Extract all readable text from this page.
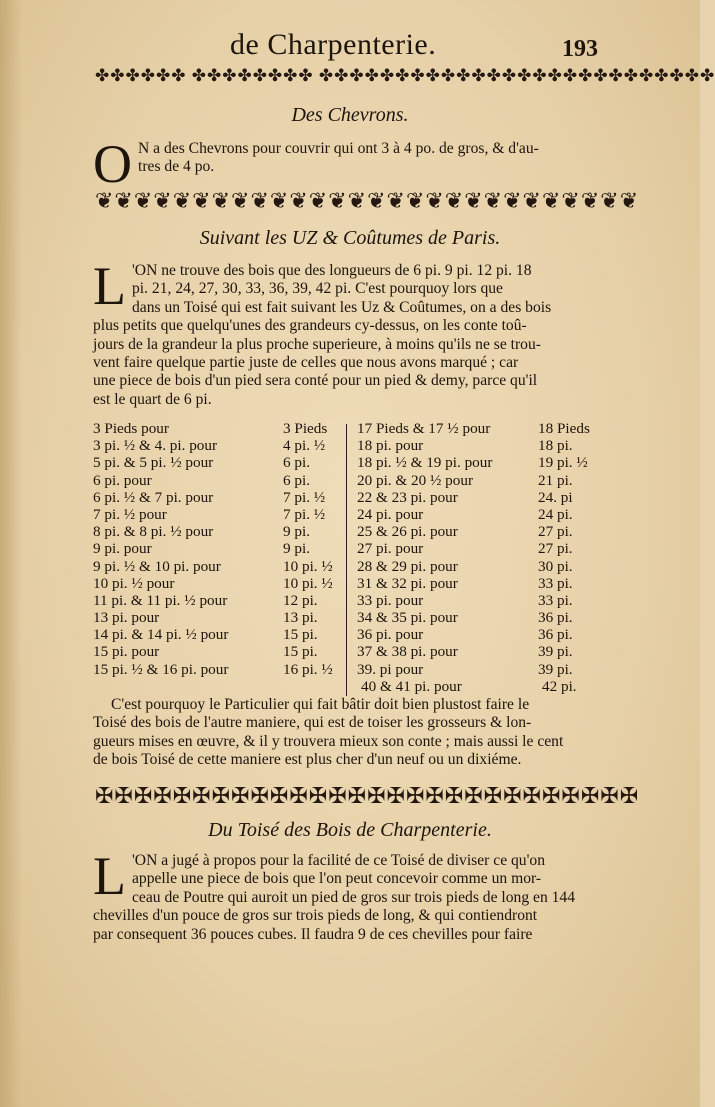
de Charpenterie.	193
✤✤✤✤✤✤ ✤✤✤✤✤✤✤✤ ✤✤✤✤✤✤✤✤✤✤✤✤✤✤✤✤✤✤✤✤✤✤✤✤✤✤
Des Chevrons.
O N a des Chevrons pour couvrir qui ont 3 à 4 po. de gros, & d'au-
tres de 4 po.
❦❦❦❦❦❦❦❦❦❦❦❦❦❦❦❦❦❦❦❦❦❦❦❦❦❦❦❦
Suivant les UZ & Coûtumes de Paris.
L 'ON ne trouve des bois que des longueurs de 6 pi. 9 pi. 12 pi. 18
pi. 21, 24, 27, 30, 33, 36, 39, 42 pi. C'est pourquoy lors que
dans un Toisé qui est fait suivant les Uz & Coûtumes, on a des bois
plus petits que quelqu'unes des grandeurs cy-dessus, on les conte toû-
jours de la grandeur la plus proche superieure, à moins qu'ils ne se trou-
vent faire quelque partie juste de celles que nous avons marqué ; car
une piece de bois d'un pied sera conté pour un pied & demy, parce qu'il
est le quart de 6 pi.
3 Pieds pour
3 pi. ½ & 4. pi. pour
5 pi. & 5 pi. ½ pour
6 pi. pour
6 pi. ½ & 7 pi. pour
7 pi. ½ pour
8 pi. & 8 pi. ½ pour
9 pi. pour
9 pi. ½ & 10 pi. pour
10 pi. ½ pour
11 pi. & 11 pi. ½ pour
13 pi. pour
14 pi. & 14 pi. ½ pour
15 pi. pour
15 pi. ½ & 16 pi. pour
3 Pieds
4 pi. ½
6 pi.
6 pi.
7 pi. ½
7 pi. ½
9 pi.
9 pi.
10 pi. ½
10 pi. ½
12 pi.
13 pi.
15 pi.
15 pi.
16 pi. ½
17 Pieds & 17 ½ pour
18 pi. pour
18 pi. ½ & 19 pi. pour
20 pi. & 20 ½ pour
22 & 23 pi. pour
24 pi. pour
25 & 26 pi. pour
27 pi. pour
28 & 29 pi. pour
31 & 32 pi. pour
33 pi. pour
34 & 35 pi. pour
36 pi. pour
37 & 38 pi. pour
39. pi pour
18 Pieds
18 pi.
19 pi. ½
21 pi.
24. pi
24 pi.
27 pi.
27 pi.
30 pi.
33 pi.
33 pi.
36 pi.
36 pi.
39 pi.
39 pi.
40 & 41 pi. pour	42 pi.
C'est pourquoy le Particulier qui fait bâtir doit bien plustost faire le
Toisé des bois de l'autre maniere, qui est de toiser les grosseurs & lon-
gueurs mises en œuvre, & il y trouvera mieux son conte ; mais aussi le cent
de bois Toisé de cette maniere est plus cher d'un neuf ou un dixiéme.
✠✠✠✠✠✠✠✠✠✠✠✠✠✠✠✠✠✠✠✠✠✠✠✠✠✠✠✠
Du Toisé des Bois de Charpenterie.
L 'ON a jugé à propos pour la facilité de ce Toisé de diviser ce qu'on
appelle une piece de bois que l'on peut concevoir comme un mor-
ceau de Poutre qui auroit un pied de gros sur trois pieds de long en 144
chevilles d'un pouce de gros sur trois pieds de long, & qui contiendront
par consequent 36 pouces cubes. Il faudra 9 de ces chevilles pour faire
